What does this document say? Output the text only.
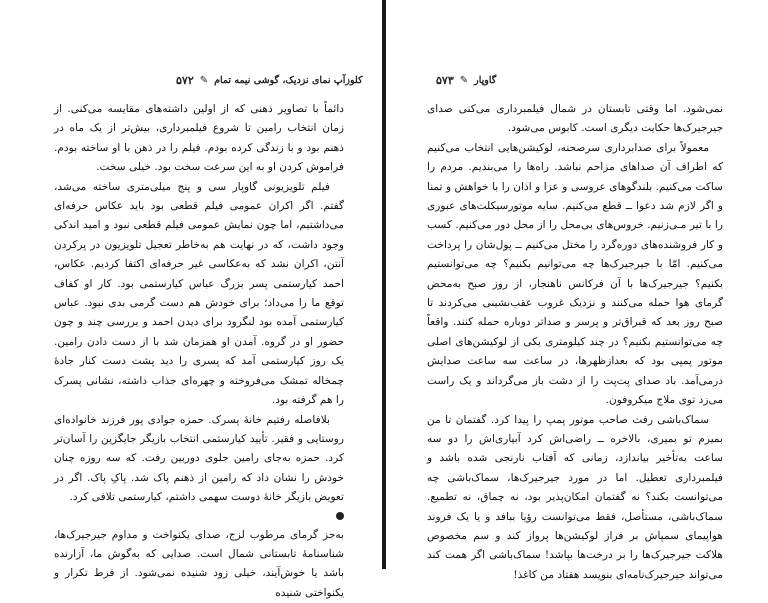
۵۷۲ ✎ کلوزآپ نمای نزدیک، گوشی نیمه تمام

دائماً با تصاویر ذهنی که از اولین داشته‌های مقایسه می‌کنی. از زمان انتخاب رامین تا شروع فیلمبرداری، بیش‌تر از یک ماه در ذهنم بود و با زندگی کرده بودم. فیلم را در ذهن با او ساخته بودم. فراموش کردن او به این سرعت سخت بود. خیلی سخت.

فیلم تلویزیونی گاوپار سی و پنج میلی‌متری ساخته می‌شد، گفتم. اگر اکران عمومی فیلم قطعی بود باید عکاس حرفه‌ای می‌داشتیم، اما چون نمایش عمومی فیلم قطعی نبود و امید اندکی وجود داشت، که در نهایت هم به‌خاطر تعجیل تلویزیون در پرکردن آنتن، اکران نشد که به‌عکاسی غیر حرفه‌ای اکتفا کردیم. عکاس، احمد کیارستمی پسر بزرگ عباس کیارستمی بود. کار او کفاف توقع ما را می‌داد؛ برای خودش هم دست گرمی بدی نبود. عباس کیارستمی آمده بود لنگرود برای دیدن احمد و بررسی چند و چون حضور او در گروه. آمدن او همزمان شد با از دست دادن رامین. یک روز کیارستمی آمد که پسری را دید پشت دست کنار جادهٔ چمخاله تمشک می‌فروخته و چهره‌ای جذاب داشته، نشانی پسرک را هم گرفته بود.

بلافاصله رفتیم خانهٔ پسرک. حمزه جوادی پور فرزند خانواده‌ای روستایی و فقیر. تأیید کیارستمی انتخاب بازیگر جایگزین را آسان‌تر کرد. حمزه به‌جای رامین جلوی دوربین رفت. که سه روزه چنان خودش را نشان داد که رامین از ذهنم پاک شد. پاکِ پاک. اگر در تعویض بازیگر خانهٔ دوست سهمی داشتم، کیارستمی تلافی کرد.

به‌جز گرمای مرطوب لزج، صدای یکنواخت و مداوم جیرجیرک‌ها، شناسنامهٔ تابستانی شمال است. صدایی که به‌گوش ما، آزارنده باشد یا خوش‌آیند، خیلی زود شنیده نمی‌شود. از فرط تکرار و یکنواختی شنیده

۵۷۳ ✎ گاوپار

نمی‌شود. اما وقتی تابستان در شمال فیلمبرداری می‌کنی صدای جیرجیرک‌ها حکایت دیگری است. کابوس می‌شود.

معمولاً برای صدابرداری سرصحنه، لوکیشن‌هایی انتخاب می‌کنیم که اطراف آن صداهای مزاحم نباشد. راه‌ها را می‌بندیم. مردم را ساکت می‌کنیم. بلندگوهای عروسی و عزا و اذان را با خواهش و تمنا و اگر لازم شد دعوا ــ قطع می‌کنیم. سایه موتورسیکلت‌های عبوری را با تیر مـی‌زنیم. خروس‌های بی‌محل را از محل دور می‌کنیم. کسب و کار فروشنده‌های دوره‌گرد را مختل می‌کنیم ــ پول‌شان را پرداخت می‌کنیم. امّا با جیرجیرک‌ها چه می‌توانیم بکنیم؟ چه می‌توانستیم بکنیم؟ جیرجیرک‌ها با آن فرکانس ناهنجار، از روز صبح به‌محض گرمای هوا حمله می‌کنند و نزدیک غروب عقب‌نشینی می‌کردند تا صبح روز بعد که قبراق‌تر و پرسر و صداتر دوباره حمله کنند. واقعاً چه می‌توانستیم بکنیم؟ در چند کیلومتری یکی از لوکیشن‌های اصلی موتور پمپی بود که بعدازظهرها، در ساعت سه ساعت صدایش درمی‌آمد. باد صدای پت‌پت را از دشت باز می‌گرداند و یک راست می‌زد توی ملاج میکروفون.

سماک‌باشی رفت صاحب موتور پمپ را پیدا کرد. گفتمان تا من بمیرم تو بمیری، بالاخره ــ راضی‌اش کرد آبیاری‌اش را دو سه ساعت به‌تأخیر بیاندازد، زمانی که آفتاب نارنجی شده باشد و فیلمبرداری تعطیل. اما در مورد جیرجیرک‌ها، سماک‌باشی چه می‌توانست بکند؟ نه گفتمان امکان‌پذیر بود، نه چماق، نه تطمیع. سماک‌باشی، مستأصل، فقط می‌توانست رؤیا ببافد و یا یک فروند هواپیمای سمپاش بر فراز لوکیشن‌ها پرواز کند و سم مخصوص هلاکت جیرجیرک‌ها را بر درخت‌ها بپاشد! سماک‌باشی اگر همت کند می‌تواند جیرجیرک‌نامه‌ای بنویسد هفتاد من کاغذ!
